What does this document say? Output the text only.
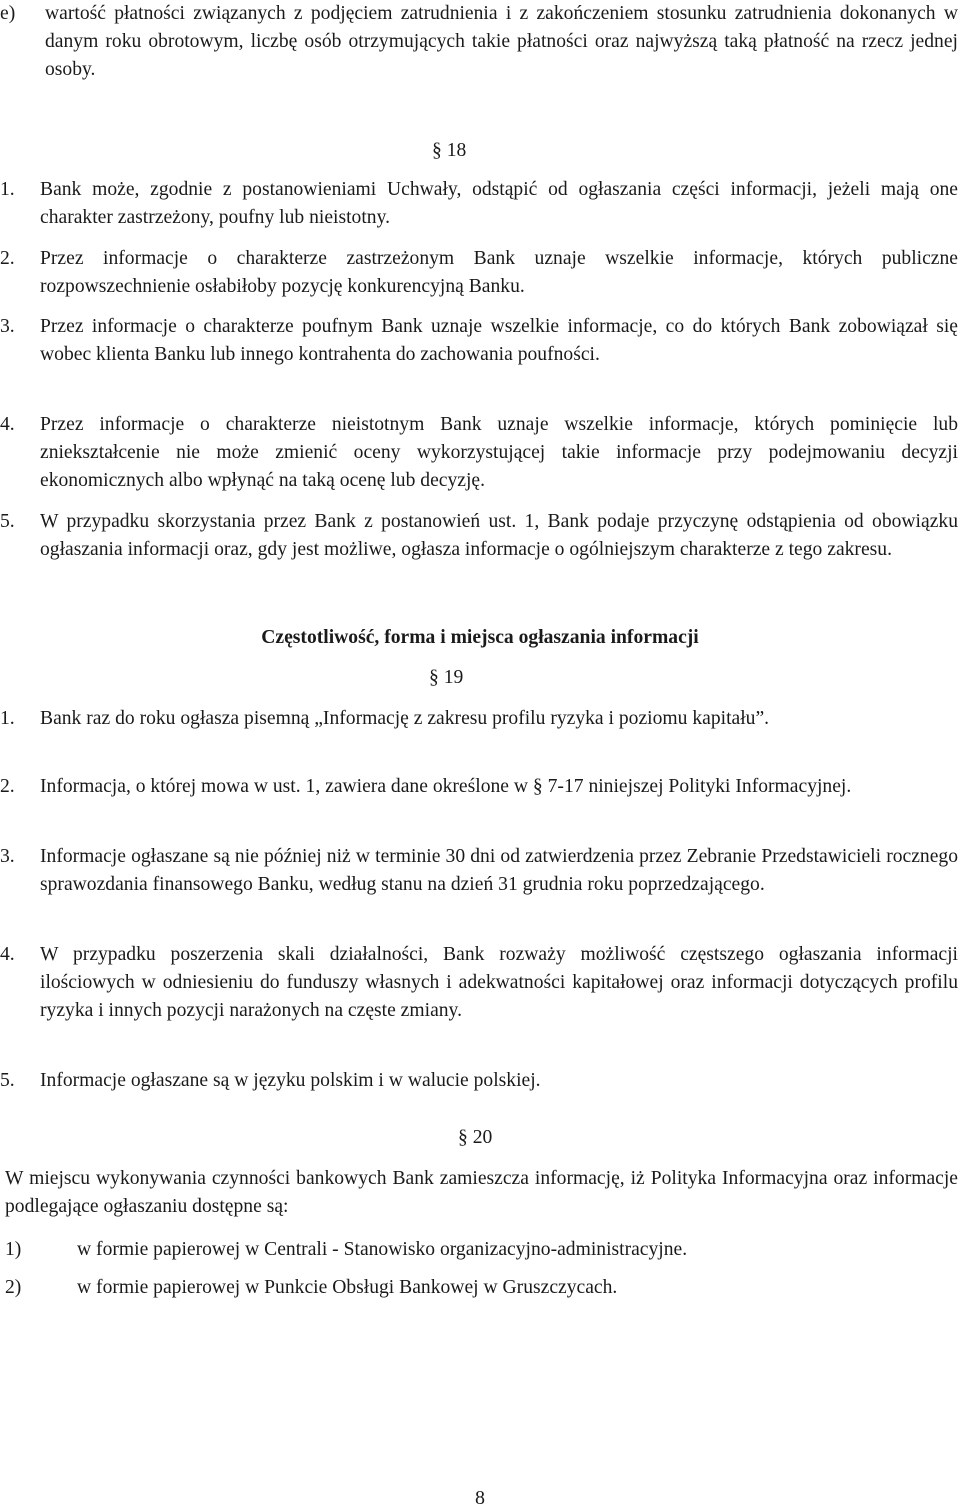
e)	wartość płatności związanych z podjęciem zatrudnienia i z zakończeniem stosunku zatrudnienia dokonanych w danym roku obrotowym, liczbę osób otrzymujących takie płatności oraz najwyższą taką płatność na rzecz jednej osoby.
§ 18
1.	Bank może, zgodnie z postanowieniami Uchwały, odstąpić od ogłaszania części informacji, jeżeli mają one charakter zastrzeżony, poufny lub nieistotny.
2.	Przez informacje o charakterze zastrzeżonym Bank uznaje wszelkie informacje, których publiczne rozpowszechnienie osłabiłoby pozycję konkurencyjną Banku.
3.	Przez informacje o charakterze poufnym Bank uznaje wszelkie informacje, co do których Bank zobowiązał się wobec klienta Banku lub innego kontrahenta do zachowania poufności.
4.	Przez informacje o charakterze nieistotnym Bank uznaje wszelkie informacje, których pominięcie lub zniekształcenie nie może zmienić oceny wykorzystującej takie informacje przy podejmowaniu decyzji ekonomicznych albo wpłynąć na taką ocenę lub decyzję.
5.	W przypadku skorzystania przez Bank z postanowień ust. 1, Bank podaje przyczynę odstąpienia od obowiązku ogłaszania informacji oraz, gdy jest możliwe, ogłasza informacje o ogólniejszym charakterze z tego zakresu.
Częstotliwość, forma i miejsca ogłaszania informacji
§ 19
1.	Bank raz do roku ogłasza pisemną „Informację z zakresu profilu ryzyka i poziomu kapitału”.
2.	Informacja, o której mowa w ust. 1, zawiera dane określone w § 7-17 niniejszej Polityki Informacyjnej.
3.	Informacje ogłaszane są nie później niż w terminie 30 dni od zatwierdzenia przez Zebranie Przedstawicieli rocznego sprawozdania finansowego Banku, według stanu na dzień 31 grudnia roku poprzedzającego.
4.	W przypadku poszerzenia skali działalności, Bank rozważy możliwość częstszego ogłaszania informacji ilościowych w odniesieniu do funduszy własnych i adekwatności kapitałowej oraz informacji dotyczących profilu ryzyka i innych pozycji narażonych na częste zmiany.
5.	Informacje ogłaszane są w języku polskim i w walucie polskiej.
§ 20
W miejscu wykonywania czynności bankowych Bank zamieszcza informację, iż Polityka Informacyjna oraz informacje podlegające ogłaszaniu dostępne są:
1)	w formie papierowej w Centrali - Stanowisko organizacyjno-administracyjne.
2)	w formie papierowej w Punkcie Obsługi Bankowej w Gruszczycach.
8
